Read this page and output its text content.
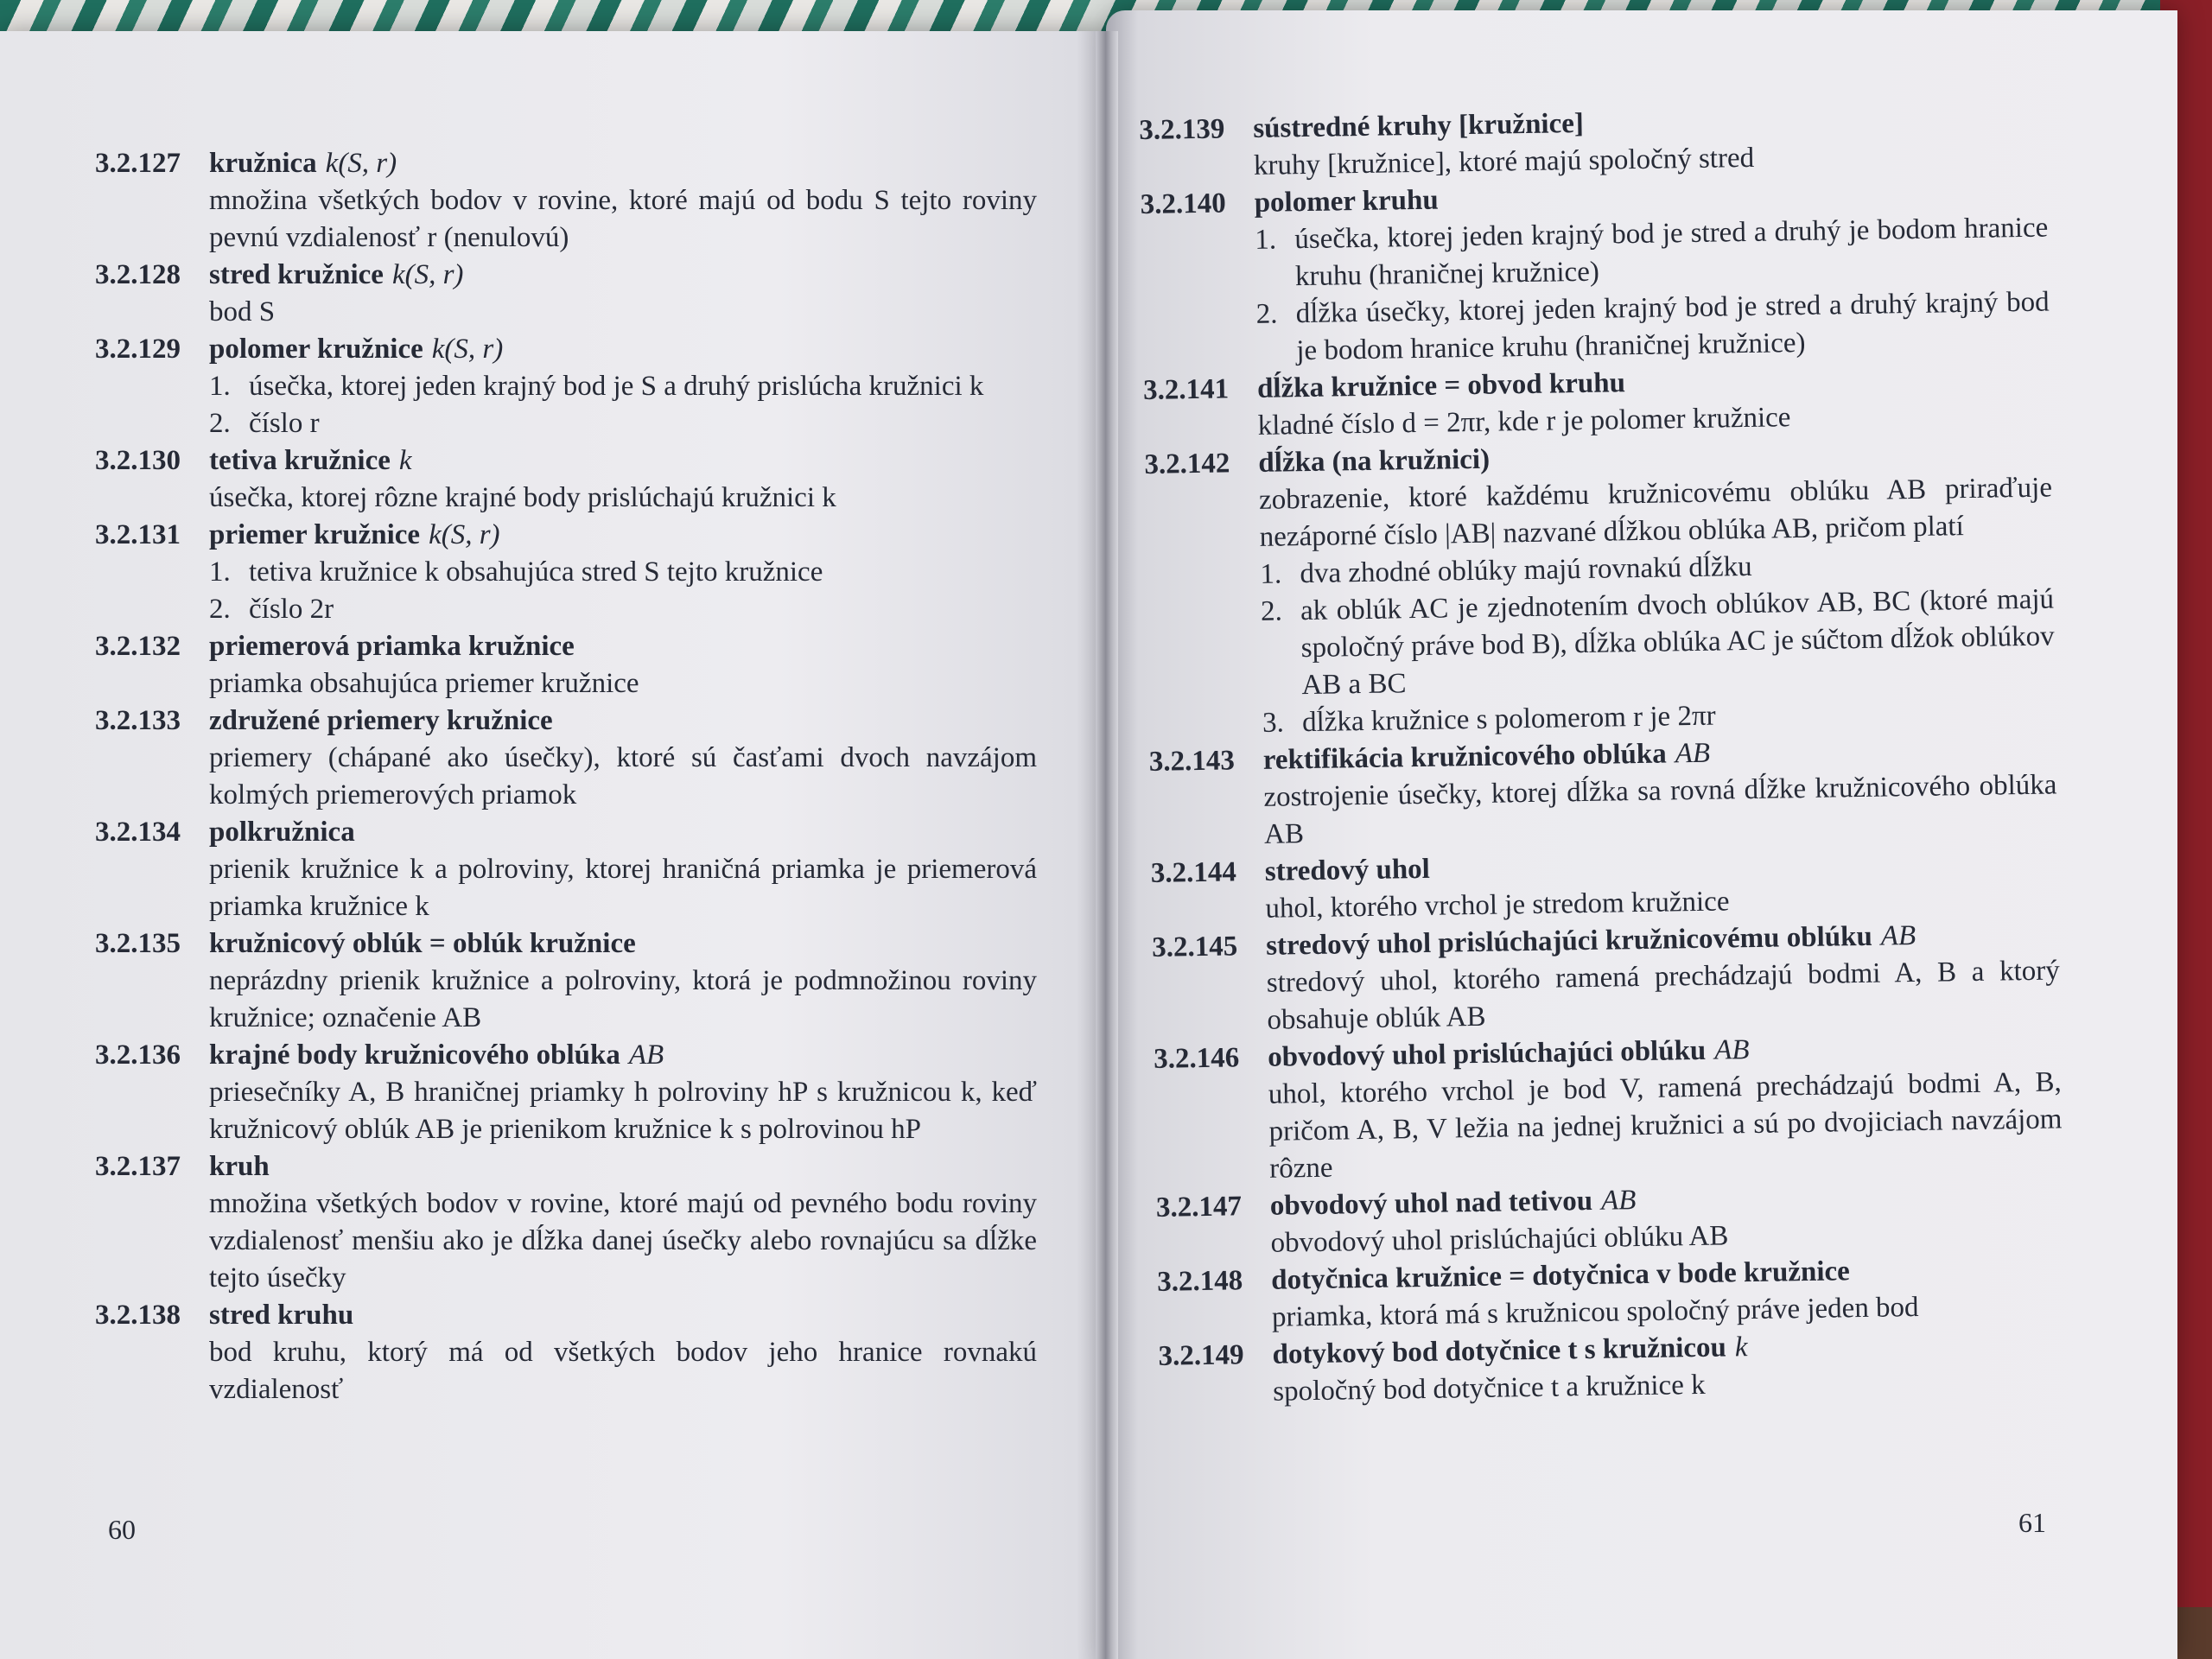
3.2.127	kružnica k(S, r)
množina všetkých bodov v rovine, ktoré majú od bodu S tejto roviny pevnú vzdialenosť r (nenulovú)
3.2.128	stred kružnice k(S, r)
bod S
3.2.129	polomer kružnice k(S, r)
1. úsečka, ktorej jeden krajný bod je S a druhý prislúcha kružnici k
2. číslo r
3.2.130	tetiva kružnice k
úsečka, ktorej rôzne krajné body prislúchajú kružnici k
3.2.131	priemer kružnice k(S, r)
1. tetiva kružnice k obsahujúca stred S tejto kružnice
2. číslo 2r
3.2.132	priemerová priamka kružnice
priamka obsahujúca priemer kružnice
3.2.133	združené priemery kružnice
priemery (chápané ako úsečky), ktoré sú časťami dvoch navzájom kolmých priemerových priamok
3.2.134	polkružnica
prienik kružnice k a polroviny, ktorej hraničná priamka je priemerová priamka kružnice k
3.2.135	kružnicový oblúk = oblúk kružnice
neprázdny prienik kružnice a polroviny, ktorá je podmnožinou roviny kružnice; označenie AB
3.2.136	krajné body kružnicového oblúka AB
priesečníky A, B hraničnej priamky h polroviny hP s kružnicou k, keď kružnicový oblúk AB je prienikom kružnice k s polrovinou hP
3.2.137	kruh
množina všetkých bodov v rovine, ktoré majú od pevného bodu roviny vzdialenosť menšiu ako je dĺžka danej úsečky alebo rovnajúcu sa dĺžke tejto úsečky
3.2.138	stred kruhu
bod kruhu, ktorý má od všetkých bodov jeho hranice rovnakú vzdialenosť
3.2.139 sústredné kruhy [kružnice]
kruhy [kružnice], ktoré majú spoločný stred
3.2.140 polomer kruhu
1. úsečka, ktorej jeden krajný bod je stred a druhý je bodom hranice kruhu (hraničnej kružnice)
2. dĺžka úsečky, ktorej jeden krajný bod je stred a druhý krajný bod je bodom hranice kruhu (hraničnej kružnice)
3.2.141 dĺžka kružnice = obvod kruhu
kladné číslo d = 2πr, kde r je polomer kružnice
3.2.142 dĺžka (na kružnici)
zobrazenie, ktoré každému kružnicovému oblúku AB priraďuje nezáporné číslo |AB| nazvané dĺžkou oblúka AB, pričom platí
1. dva zhodné oblúky majú rovnakú dĺžku
2. ak oblúk AC je zjednotením dvoch oblúkov AB, BC (ktoré majú spoločný práve bod B), dĺžka oblúka AC je súčtom dĺžok oblúkov AB a BC
3. dĺžka kružnice s polomerom r je 2πr
3.2.143 rektifikácia kružnicového oblúka AB
zostrojenie úsečky, ktorej dĺžka sa rovná dĺžke kružnicového oblúka AB
3.2.144 stredový uhol
uhol, ktorého vrchol je stredom kružnice
3.2.145 stredový uhol prislúchajúci kružnicovému oblúku AB
stredový uhol, ktorého ramená prechádzajú bodmi A, B a ktorý obsahuje oblúk AB
3.2.146 obvodový uhol prislúchajúci oblúku AB
uhol, ktorého vrchol je bod V, ramená prechádzajú bodmi A, B, pričom A, B, V ležia na jednej kružnici a sú po dvojiciach navzájom rôzne
3.2.147 obvodový uhol nad tetivou AB
obvodový uhol prislúchajúci oblúku AB
3.2.148 dotyčnica kružnice = dotyčnica v bode kružnice
priamka, ktorá má s kružnicou spoločný práve jeden bod
3.2.149 dotykový bod dotyčnice t s kružnicou k
spoločný bod dotyčnice t a kružnice k
60	61
